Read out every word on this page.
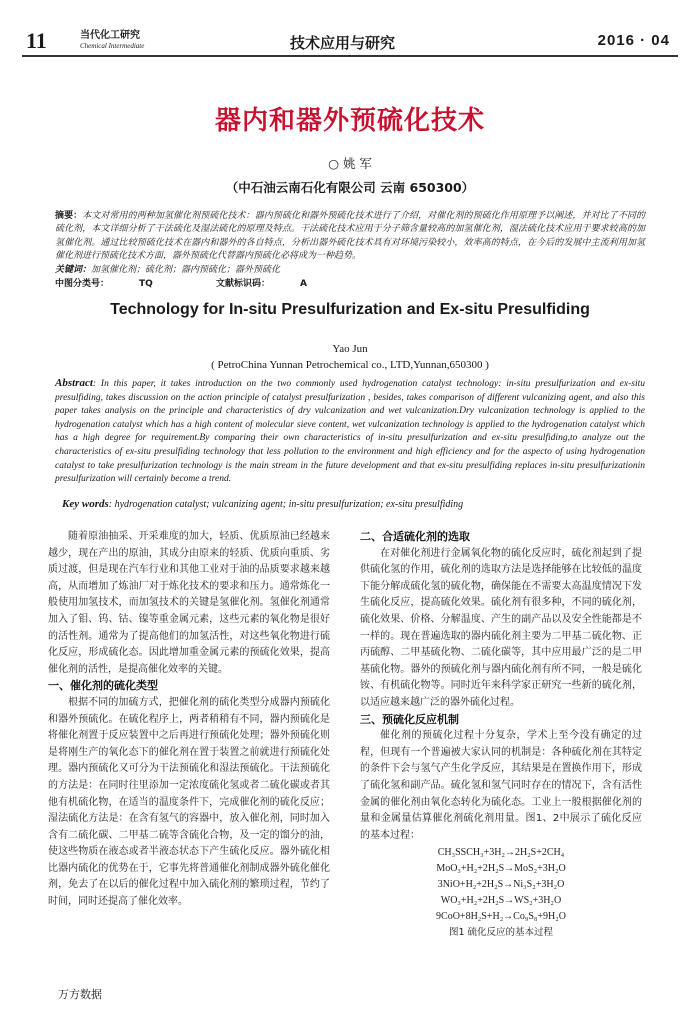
11	当代化工研究
Chemical Intermediate	技术应用与研究	2016 · 04
器内和器外预硫化技术
○ 姚 军
（中石油云南石化有限公司 云南 650300）
摘要：本文对常用的两种加氢催化剂预硫化技术：器内预硫化和器外预硫化技术进行了介绍，对催化剂的预硫化作用原理予以阐述，并对比了不同的硫化剂，本文详细分析了干法硫化及湿法硫化的原理及特点。干法硫化技术应用于分子筛含量较高的加氢催化剂，湿法硫化技术应用于要求较高的加氢催化剂。通过比较预硫化技术在器内和器外的各自特点，分析出器外硫化技术具有对环境污染较小，效率高的特点，在今后的发展中主流利用加氢催化剂进行预硫化技术方面，器外预硫化代替器内预硫化必将成为一种趋势。
关键词：加氢催化剂；硫化剂；器内预硫化；器外预硫化
中图分类号：	TQ	文献标识码：	A
Technology for In-situ Presulfurization and Ex-situ Presulfiding
Yao Jun
( PetroChina Yunnan Petrochemical co., LTD,Yunnan,650300 )
Abstract: In this paper, it takes introduction on the two commonly used hydrogenation catalyst technology: in-situ presulfurization and ex-situ presulfiding, takes discussion on the action principle of catalyst presulfurization , besides, takes comparison of different vulcanizing agent, and also this paper takes analysis on the principle and characteristics of dry vulcanization and wet vulcanization.Dry vulcanization technology is applied to the hydrogenation catalyst which has a high content of molecular sieve content, wet vulcanization technology is applied to the hydrogenation catalyst which has a high degree for requirement.By comparing their own characteristics of in-situ presulfurization and ex-situ presulfiding,to analyze out the characteristics of ex-situ presulfiding technology that less pollution to the environment and high efficiency and for the aspecto of using hydrogenation catalyst to take presulfurization technology is the main stream in the future development and that ex-situ presulfiding replaces in-situ presulfurizationin presulfurization will certainly become a trend.
Key words: hydrogenation catalyst; vulcanizing agent; in-situ presulfurization; ex-situ presulfiding

随着原油抽采、开采难度的加大，轻质、优质原油已经越来越少，现在产出的原油，其成分由原来的轻质、优质向重质、劣质过渡，但是现在汽车行业和其他工业对于油的品质要求越来越高，从而增加了炼油厂对于炼化技术的要求和压力。通常炼化一般使用加氢技术，而加氢技术的关键是氢催化剂。氢催化剂通常加入了钼、钨、钴、镍等重金属元素，这些元素的氧化物是很好的活性剂。通常为了提高他们的加氢活性，对这些氧化物进行硫化反应，形成硫化态。因此增加重金属元素的预硫化效果，提高催化剂的活性，是提高催化效率的关键。

一、催化剂的硫化类型

根据不同的加硫方式，把催化剂的硫化类型分成器内预硫化和器外预硫化。在硫化程序上，两者稍稍有不同，器内预硫化是将催化剂置于反应装置中之后再进行预硫化处理；器外预硫化则是将刚生产的氧化态下的催化剂在置于装置之前就进行预硫化处理。器内预硫化又可分为干法预硫化和湿法预硫化。干法预硫化的方法是：在同时往里添加一定浓度硫化氢或者二硫化碳或者其他有机硫化物，在适当的温度条件下，完成催化剂的硫化反应；湿法硫化方法是：在含有氢气的容器中，放入催化剂，同时加入含有二硫化碳、二甲基二硫等含硫化合物，及一定的馏分的油，使这些物质在液态或者半液态状态下产生硫化反应。器外硫化相比器内硫化的优势在于，它事先将普通催化剂制成器外硫化催化剂，免去了在以后的催化过程中加入硫化剂的繁琐过程，节约了时间，同时还提高了催化效率。

二、合适硫化剂的选取

在对催化剂进行金属氧化物的硫化反应时，硫化剂起到了提供硫化氢的作用，硫化剂的选取方法是选择能够在比较低的温度下能分解成硫化氢的硫化物，确保能在不需要太高温度情况下发生硫化反应，提高硫化效果。硫化剂有很多种，不同的硫化剂，硫化效果、价格、分解温度、产生的副产品以及安全性能都是不一样的。现在普遍选取的器内硫化剂主要为二甲基二硫化物、正丙硫醇、二甲基硫化物、二硫化碳等，其中应用最广泛的是二甲基硫化物。器外的预硫化剂与器内硫化剂有所不同，一般是硫化铵、有机硫化物等。同时近年来科学家正研究一些新的硫化剂，以适应越来越广泛的器外硫化过程。

三、预硫化反应机制

催化剂的预硫化过程十分复杂，学术上至今没有确定的过程，但现有一个普遍被大家认同的机制是：各种硫化剂在其特定的条件下会与氢气产生化学反应，其结果是在置换作用下，形成了硫化氢和副产品。硫化氢和氢气同时存在的情况下，含有活性金属的催化剂由氧化态转化为硫化态。工业上一般根据催化剂的量和金属量估算催化剂硫化剂用量。图1、2中展示了硫化反应的基本过程：

CH₃SSCH₃+3H₂→2H₂S+2CH₄
MoO₃+H₂+2H₂S→MoS₂+3H₂O
3NiO+H₂+2H₂S→Ni₃S₂+3H₂O
WO₃+H₂+2H₂S→WS₂+3H₂O
9CoO+8H₂S+H₂→Co₉S₈+9H₂O
图1 硫化反应的基本过程
万方数据
